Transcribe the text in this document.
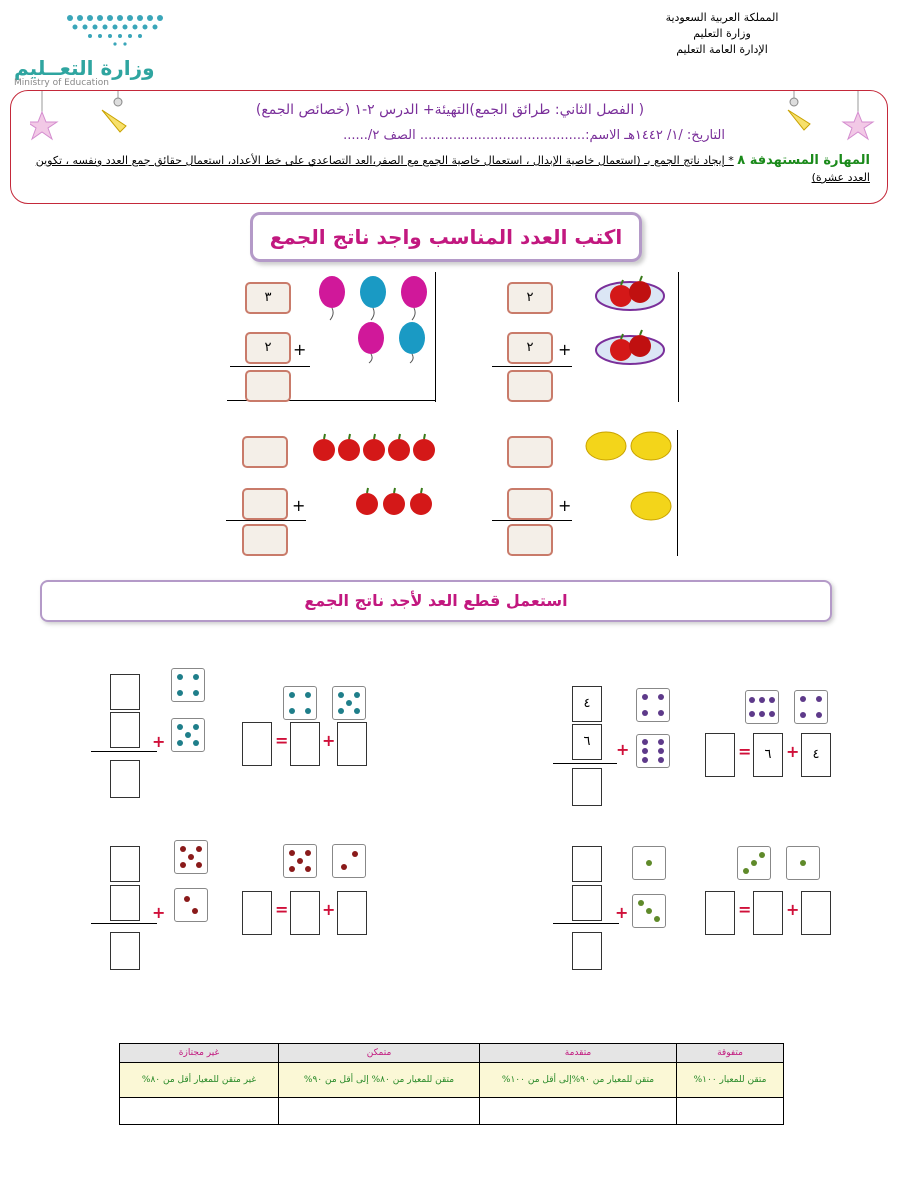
المملكة العربية السعودية
وزارة التعليم
الإدارة العامة التعليم
وزارة التعــليم
Ministry of Education
( الفصل الثاني: طرائق الجمع)التهيئة+ الدرس ٢-١ (خصائص الجمع)
التاريخ: /١/ ١٤٤٢هـ الاسم:........................................ الصف ٢/......
المهارة المستهدفة ٨ * إيجاد ناتج الجمع بـ (استعمال خاصية الإبدال ، استعمال خاصية الجمع مع الصفر،العد التصاعدي على خط الأعداد، استعمال حقائق جمع العدد ونفسه ، تكوين العدد عشرة)
اكتب العدد المناسب واجد ناتج الجمع
٢
٢	+
٣
٢	+
+
+
استعمل قطع العد لأجد ناتج الجمع
٤
٦	+	=	٦ +	٤
+	= +
+	= +
+	= +
متفوقة	متقدمة	متمكن	غير مجتازة
متقن للمعيار ١٠٠%	متقن للمعيار من ٩٠%إلى أقل من ١٠٠%	متقن للمعيار من ٨٠% إلى أقل من ٩٠%	غير متقن للمعيار أقل من ٨٠%
